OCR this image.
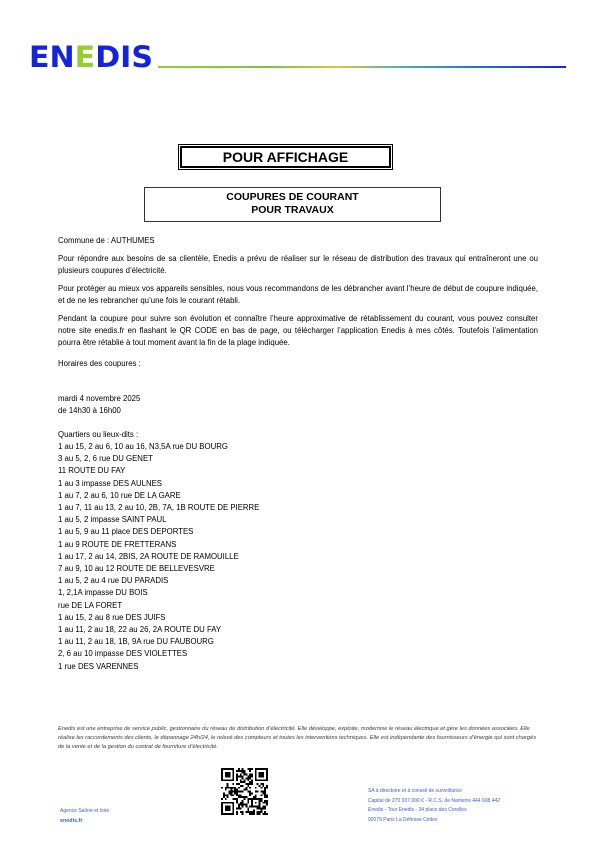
ENEDIS
POUR AFFICHAGE
COUPURES DE COURANT
POUR TRAVAUX

Commune de : AUTHUMES

Pour répondre aux besoins de sa clientèle, Enedis a prévu de réaliser sur le réseau de distribution des travaux qui entraîneront une ou plusieurs coupures d’électricité.

Pour protéger au mieux vos appareils sensibles, nous vous recommandons de les débrancher avant l’heure de début de coupure indiquée, et de ne les rebrancher qu’une fois le courant rétabli.

Pendant la coupure pour suivre son évolution et connaître l’heure approximative de rétablissement du courant, vous pouvez consulter notre site enedis.fr en flashant le QR CODE en bas de page, ou télécharger l’application Enedis à mes côtés. Toutefois l’alimentation pourra être rétablie à tout moment avant la fin de la plage indiquée.

Horaires des coupures :

mardi 4 novembre 2025

de 14h30 à 16h00

Quartiers ou lieux-dits :

1 au 15, 2 au 6, 10 au 16, N3,5A rue DU BOURG
3 au 5, 2, 6 rue DU GENET
11 ROUTE DU FAY
1 au 3 impasse DES AULNES
1 au 7, 2 au 6, 10 rue DE LA GARE
1 au 7, 11 au 13, 2 au 10, 2B, 7A, 1B ROUTE DE PIERRE
1 au 5, 2 impasse SAINT PAUL
1 au 5, 9 au 11 place DES DEPORTES
1 au 9 ROUTE DE FRETTERANS
1 au 17, 2 au 14, 2BIS, 2A ROUTE DE RAMOUILLE
7 au 9, 10 au 12 ROUTE DE BELLEVESVRE
1 au 5, 2 au 4 rue DU PARADIS
1, 2,1A impasse DU BOIS
rue DE LA FORET
1 au 15, 2 au 8 rue DES JUIFS
1 au 11, 2 au 18, 22 au 26, 2A ROUTE DU FAY
1 au 11, 2 au 18, 1B, 9A rue DU FAUBOURG
2, 6 au 10 impasse DES VIOLETTES
1 rue DES VARENNES
Enedis est une entreprise de service public, gestionnaire du réseau de distribution d’électricité. Elle développe, exploite, modernise le réseau électrique et gère les données associées. Elle réalise les raccordements des clients, le dépannage 24h/24, le relevé des compteurs et toutes les interventions techniques. Elle est indépendante des fournisseurs d’énergie qui sont chargés de la vente et de la gestion du contrat de fourniture d’électricité.
Agence Saône et loire
enedis.fr
SA à directoire et à conseil de surveillance
Capital de 270 037 000 € - R.C.S. de Nanterre 444 608 442
Enedis - Tour Enedis - 34 place des Corolles
92079 Paris La Défense Cedex
